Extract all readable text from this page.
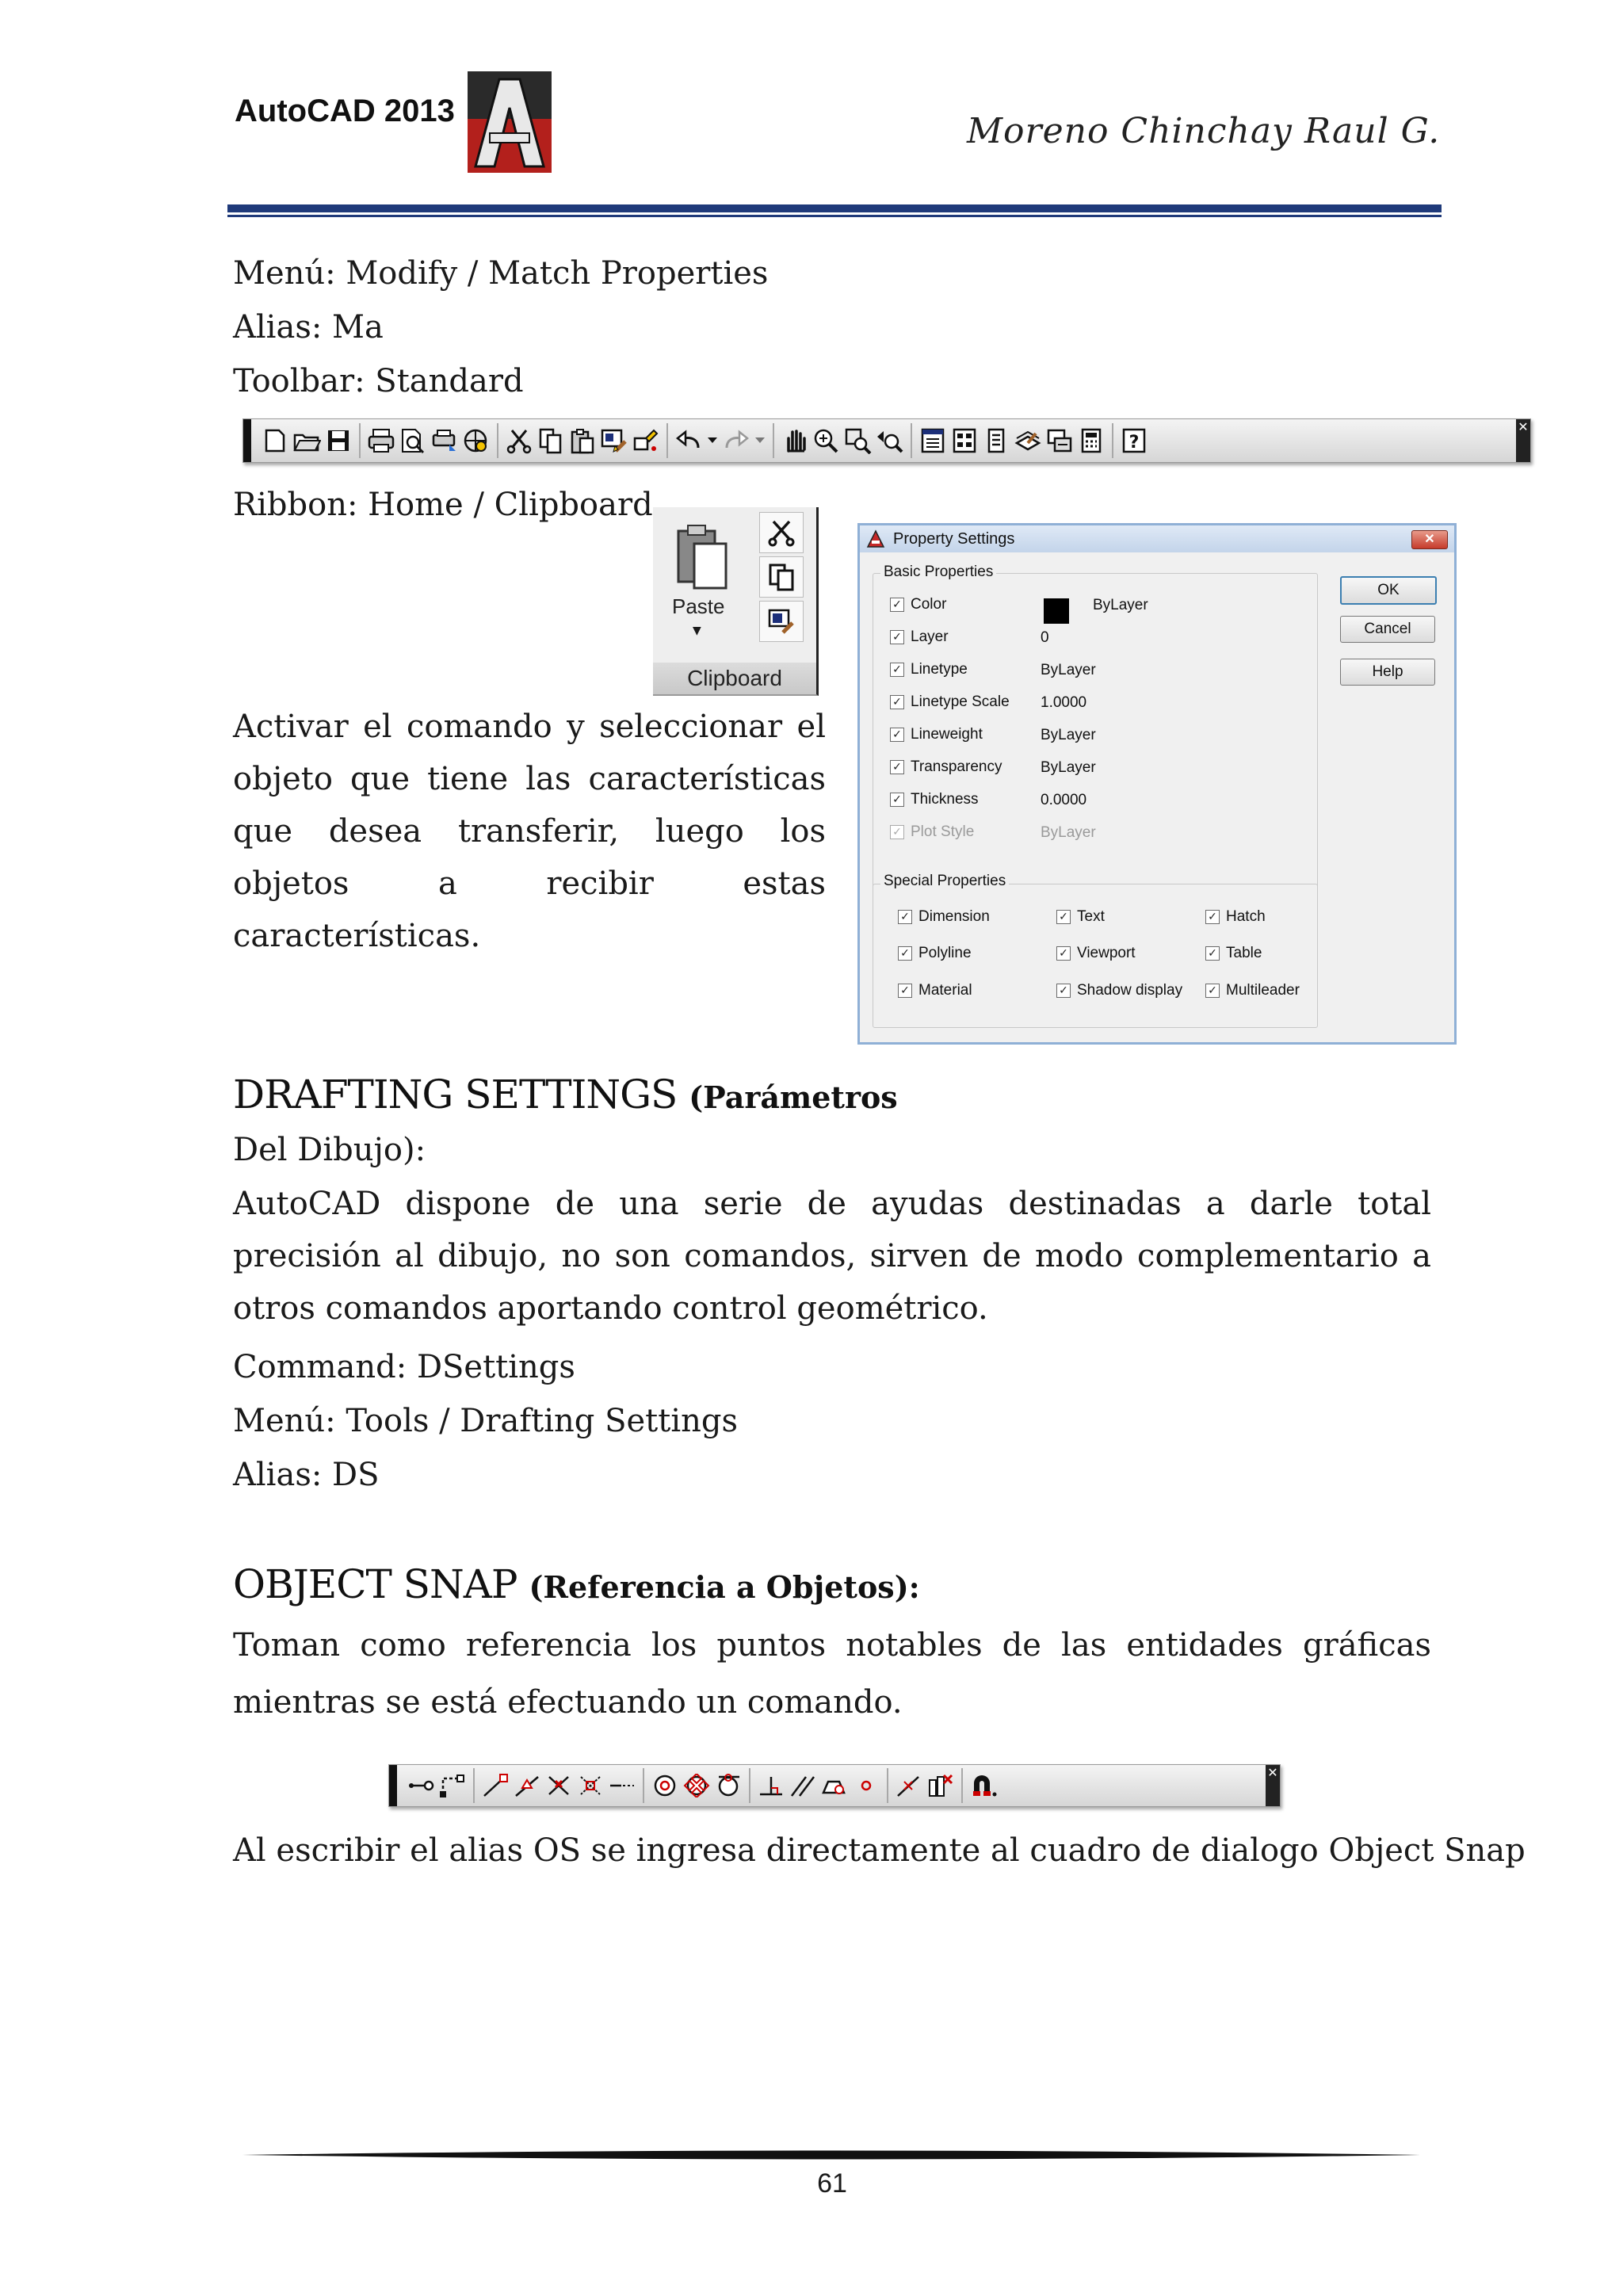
AutoCAD 2013	Moreno Chinchay Raul G.
Menú: Modify / Match Properties
Alias: Ma
Toolbar: Standard
?
✕
Ribbon: Home / Clipboard
Paste
▼
Clipboard
Activar el comando y seleccionar el objeto que tiene las características que desea transferir, luego los objetos a recibir estas características.
Property Settings	✕
Basic Properties
✓ Color	ByLayer
✓ Layer	0
✓ Linetype	ByLayer
✓ Linetype Scale 1.0000
✓ Lineweight	ByLayer
✓ Transparency	ByLayer
✓ Thickness	0.0000
✓ Plot Style	ByLayer
Special Properties
✓ Dimension	✓ Text	✓ Hatch
✓ Polyline	✓ Viewport	✓ Table
✓ Material	✓ Shadow display ✓ Multileader
OK
Cancel
Help
DRAFTING SETTINGS (Parámetros
Del Dibujo):
AutoCAD dispone de una serie de ayudas destinadas a darle total precisión al dibujo, no son comandos, sirven de modo complementario a otros comandos aportando control geométrico.
Command: DSettings
Menú: Tools / Drafting Settings
Alias: DS
OBJECT SNAP (Referencia a Objetos):
Toman como referencia los puntos notables de las entidades gráficas mientras se está efectuando un comando.
✕
Al escribir el alias OS se ingresa directamente al cuadro de dialogo Object Snap
61
